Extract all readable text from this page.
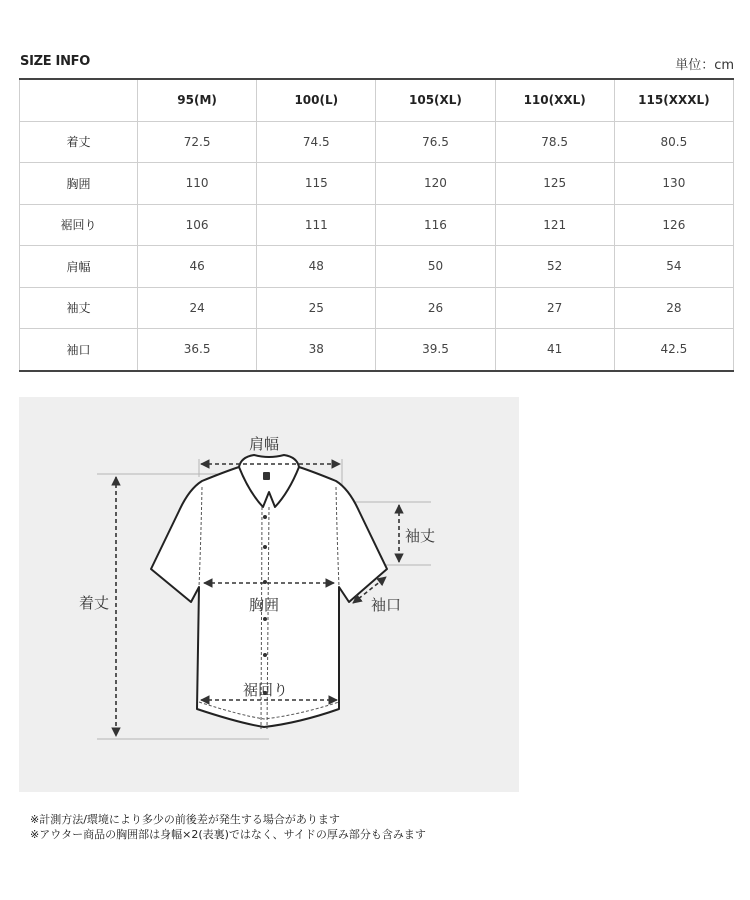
SIZE INFO	単位：cm
	95(M)	100(L)	105(XL)	110(XXL)	115(XXXL)
着丈	72.5	74.5	76.5	78.5	80.5
胸囲	110	115	120	125	130
裾回り	106	111	116	121	126
肩幅	46	48	50	52	54
袖丈	24	25	26	27	28
袖口	36.5	38	39.5	41	42.5
肩幅
着丈
袖丈
胸囲	袖口
裾回り
※計測方法/環境により多少の前後差が発生する場合があります
※アウター商品の胸囲部は身幅×2(表裏)ではなく、サイドの厚み部分も含みます
